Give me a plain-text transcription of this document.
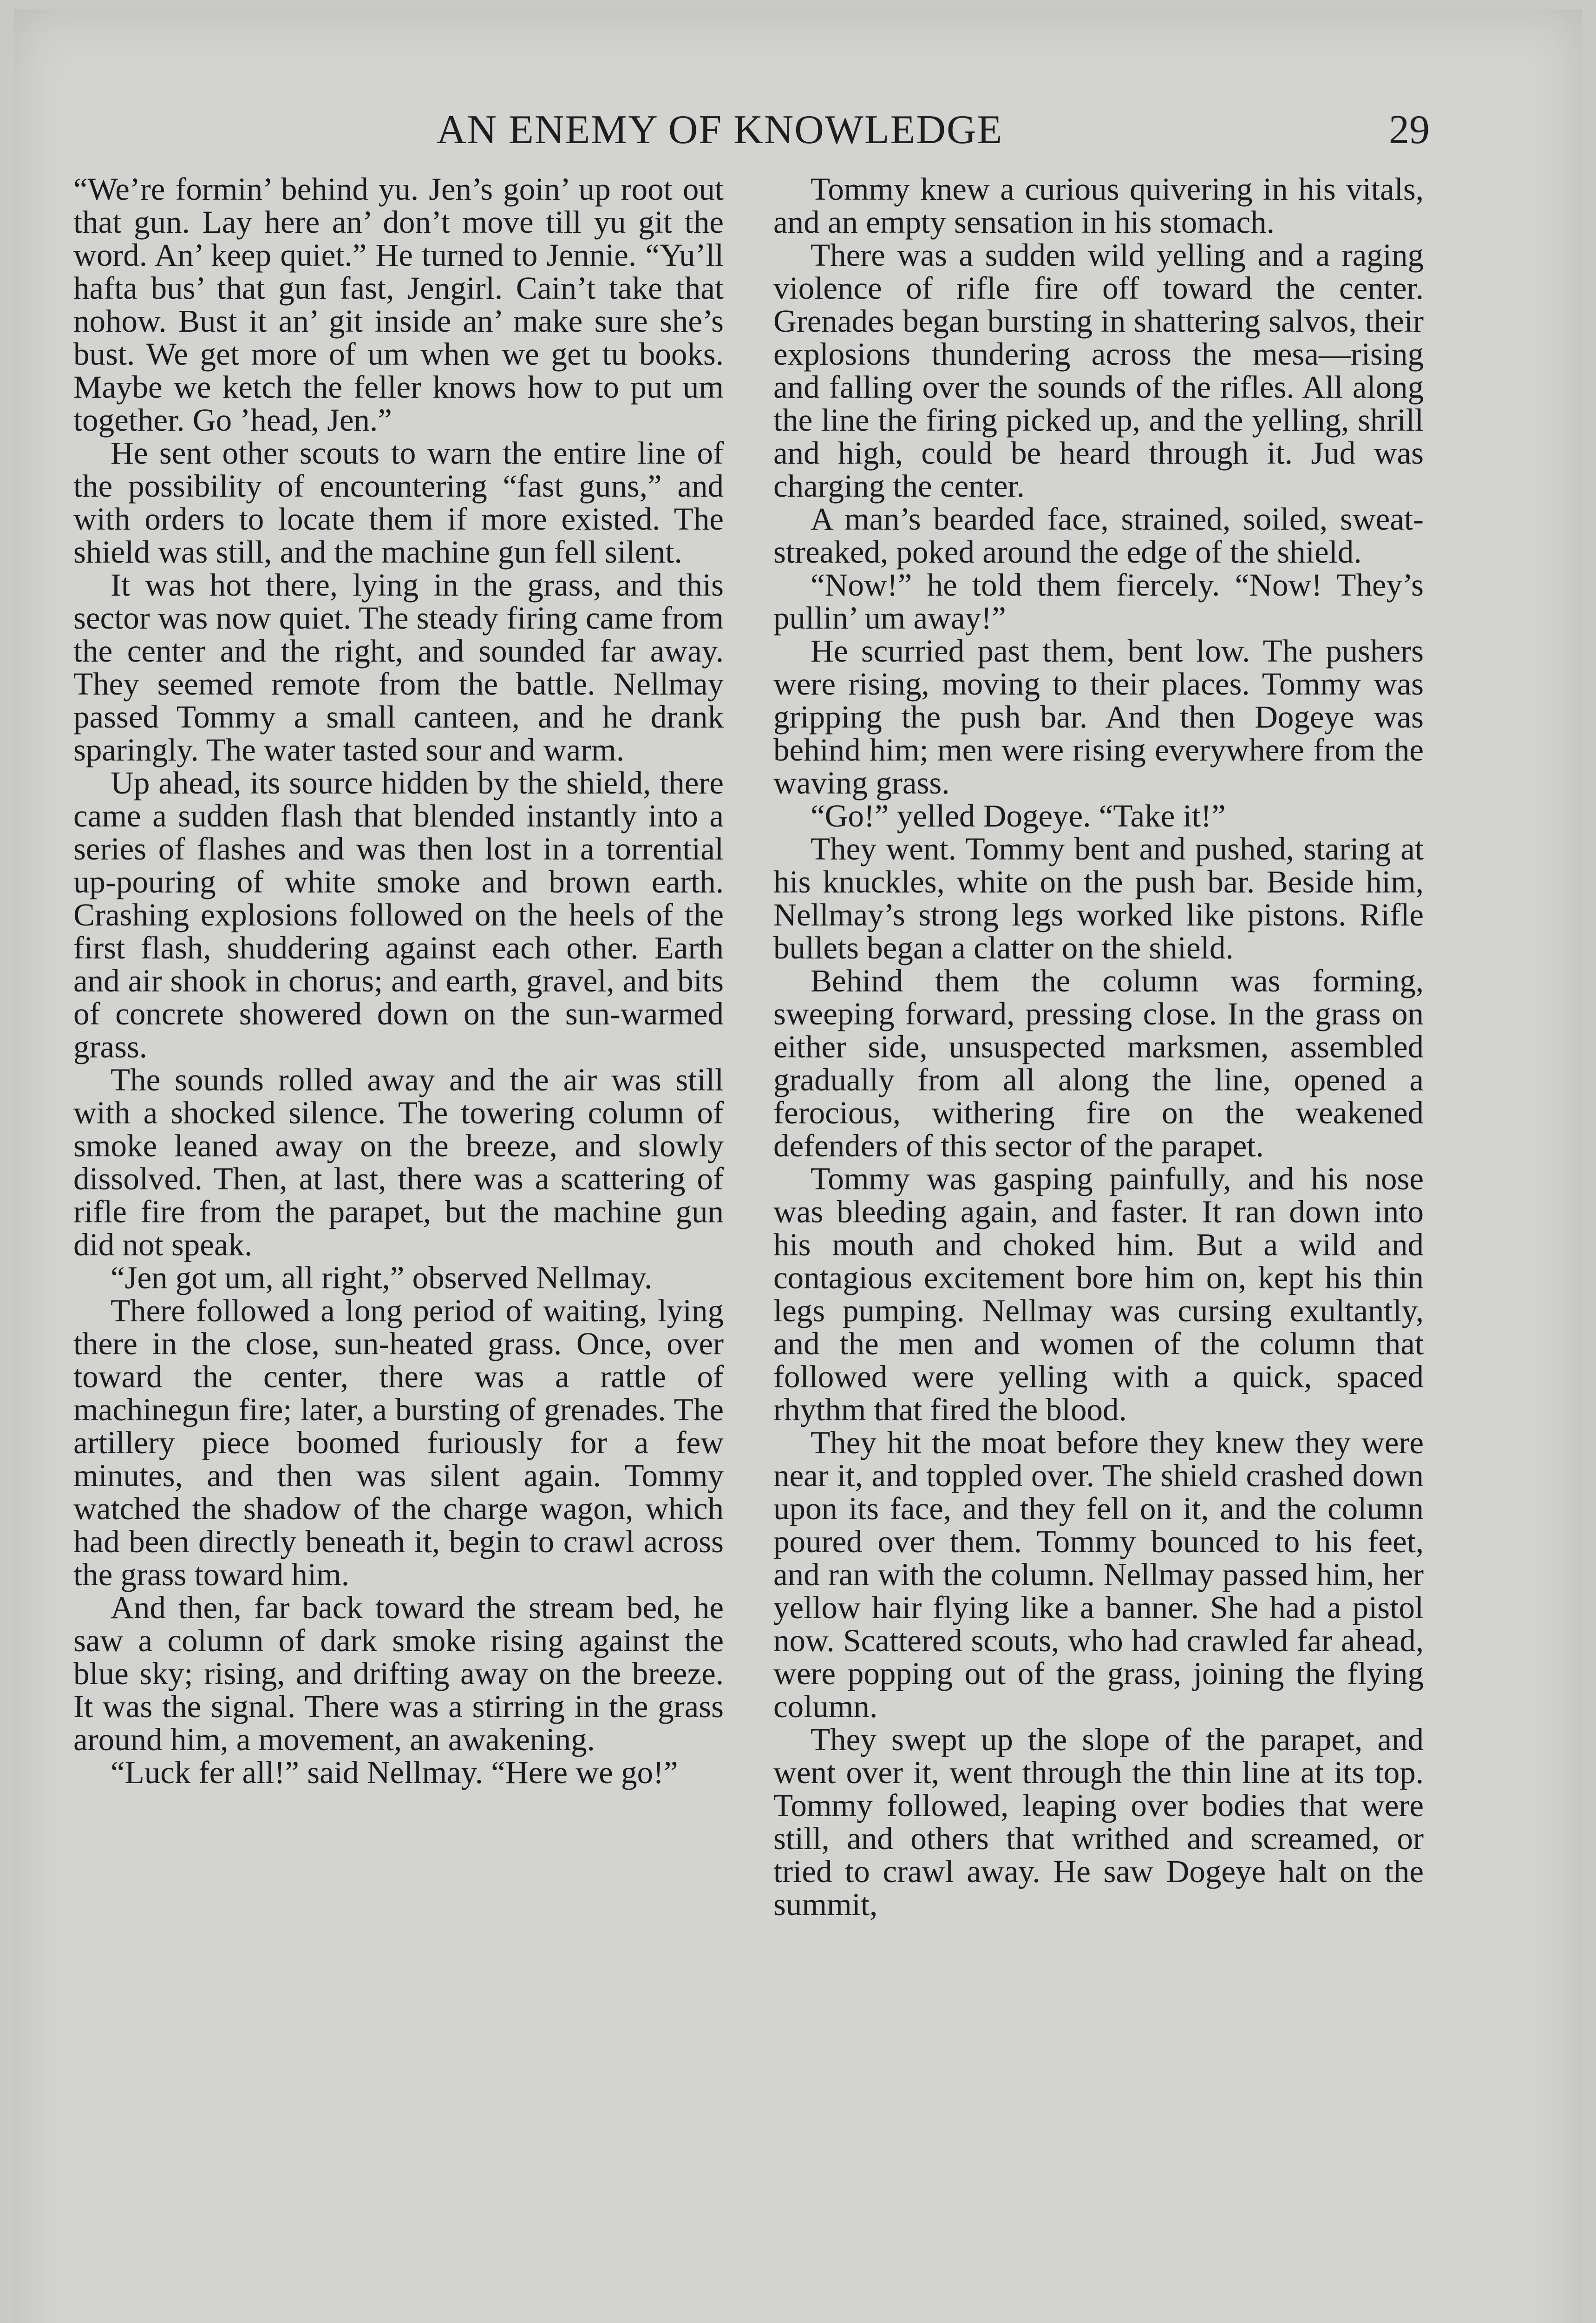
AN ENEMY OF KNOWLEDGE	29

“We’re formin’ behind yu. Jen’s goin’ up root out that gun. Lay here an’ don’t move till yu git the word. An’ keep quiet.” He turned to Jennie. “Yu’ll hafta bus’ that gun fast, Jengirl. Cain’t take that nohow. Bust it an’ git inside an’ make sure she’s bust. We get more of um when we get tu books. Maybe we ketch the feller knows how to put um together. Go ’head, Jen.”

He sent other scouts to warn the entire line of the possibility of encountering “fast guns,” and with orders to locate them if more existed. The shield was still, and the machine gun fell silent.

It was hot there, lying in the grass, and this sector was now quiet. The steady firing came from the center and the right, and sounded far away. They seemed remote from the battle. Nellmay passed Tommy a small canteen, and he drank sparingly. The water tasted sour and warm.

Up ahead, its source hidden by the shield, there came a sudden flash that blended instantly into a series of flashes and was then lost in a torrential up-pouring of white smoke and brown earth. Crashing explosions followed on the heels of the first flash, shuddering against each other. Earth and air shook in chorus; and earth, gravel, and bits of concrete showered down on the sun-warmed grass.

The sounds rolled away and the air was still with a shocked silence. The towering column of smoke leaned away on the breeze, and slowly dissolved. Then, at last, there was a scattering of rifle fire from the parapet, but the machine gun did not speak.

“Jen got um, all right,” observed Nellmay.

There followed a long period of waiting, lying there in the close, sun-heated grass. Once, over toward the center, there was a rattle of machinegun fire; later, a bursting of grenades. The artillery piece boomed furiously for a few minutes, and then was silent again. Tommy watched the shadow of the charge wagon, which had been directly beneath it, begin to crawl across the grass toward him.

And then, far back toward the stream bed, he saw a column of dark smoke rising against the blue sky; rising, and drifting away on the breeze. It was the signal. There was a stirring in the grass around him, a movement, an awakening.

“Luck fer all!” said Nellmay. “Here we go!”

Tommy knew a curious quivering in his vitals, and an empty sensation in his stomach.

There was a sudden wild yelling and a raging violence of rifle fire off toward the center. Grenades began bursting in shattering salvos, their explosions thundering across the mesa—rising and falling over the sounds of the rifles. All along the line the firing picked up, and the yelling, shrill and high, could be heard through it. Jud was charging the center.

A man’s bearded face, strained, soiled, sweat-streaked, poked around the edge of the shield.

“Now!” he told them fiercely. “Now! They’s pullin’ um away!”

He scurried past them, bent low. The pushers were rising, moving to their places. Tommy was gripping the push bar. And then Dogeye was behind him; men were rising everywhere from the waving grass.

“Go!” yelled Dogeye. “Take it!”

They went. Tommy bent and pushed, staring at his knuckles, white on the push bar. Beside him, Nellmay’s strong legs worked like pistons. Rifle bullets began a clatter on the shield.

Behind them the column was forming, sweeping forward, pressing close. In the grass on either side, unsuspected marksmen, assembled gradually from all along the line, opened a ferocious, withering fire on the weakened defenders of this sector of the parapet.

Tommy was gasping painfully, and his nose was bleeding again, and faster. It ran down into his mouth and choked him. But a wild and contagious excitement bore him on, kept his thin legs pumping. Nellmay was cursing exultantly, and the men and women of the column that followed were yelling with a quick, spaced rhythm that fired the blood.

They hit the moat before they knew they were near it, and toppled over. The shield crashed down upon its face, and they fell on it, and the column poured over them. Tommy bounced to his feet, and ran with the column. Nellmay passed him, her yellow hair flying like a banner. She had a pistol now. Scattered scouts, who had crawled far ahead, were popping out of the grass, joining the flying column.

They swept up the slope of the parapet, and went over it, went through the thin line at its top. Tommy followed, leaping over bodies that were still, and others that writhed and screamed, or tried to crawl away. He saw Dogeye halt on the summit,
